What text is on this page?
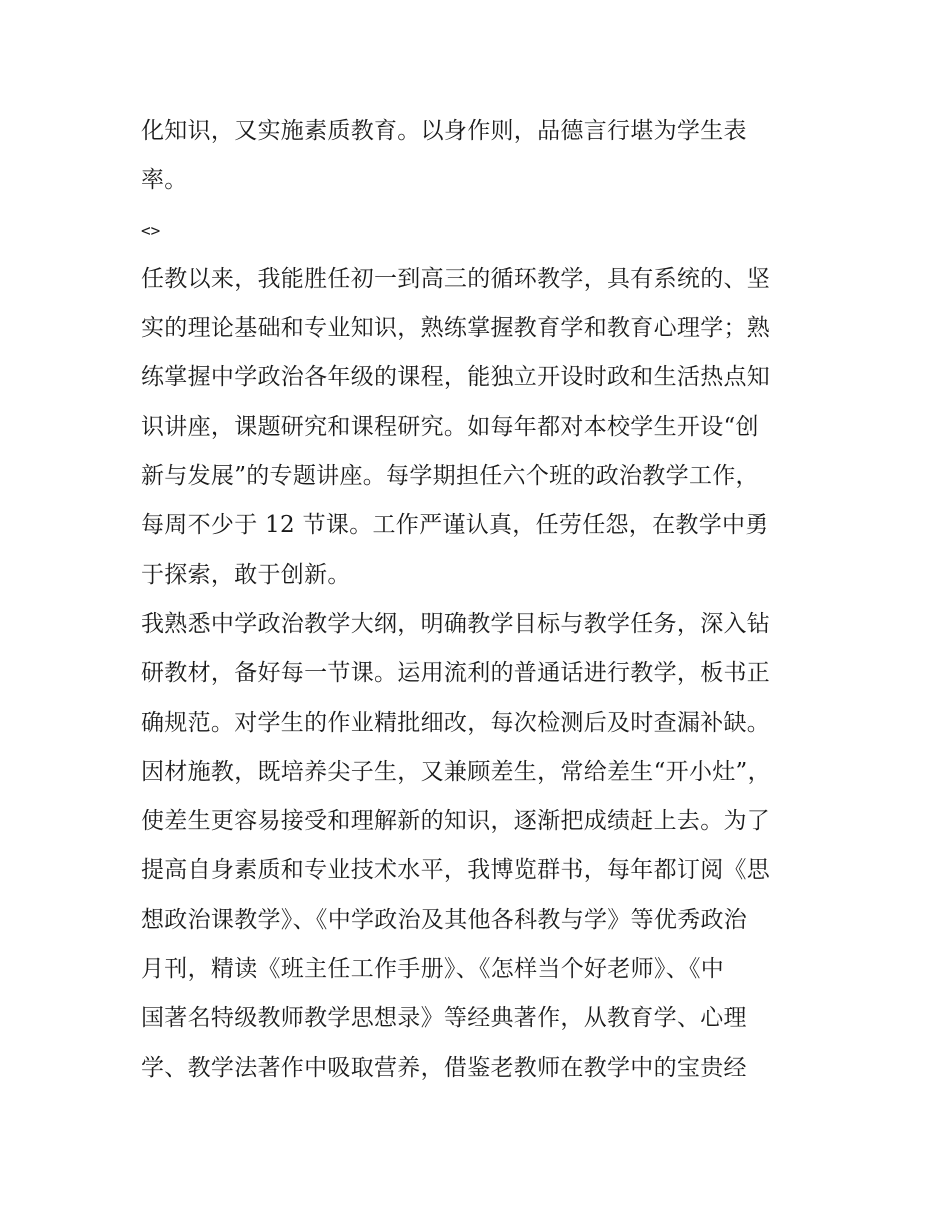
化知识，又实施素质教育。以身作则，品德言行堪为学生表
率。
<>
任教以来，我能胜任初一到高三的循环教学，具有系统的、坚
实的理论基础和专业知识，熟练掌握教育学和教育心理学；熟
练掌握中学政治各年级的课程，能独立开设时政和生活热点知
识讲座，课题研究和课程研究。如每年都对本校学生开设“创
新与发展”的专题讲座。每学期担任六个班的政治教学工作，
每周不少于 12 节课。工作严谨认真，任劳任怨，在教学中勇
于探索，敢于创新。
我熟悉中学政治教学大纲，明确教学目标与教学任务，深入钻
研教材，备好每一节课。运用流利的普通话进行教学，板书正
确规范。对学生的作业精批细改，每次检测后及时查漏补缺。
因材施教，既培养尖子生，又兼顾差生，常给差生“开小灶”，
使差生更容易接受和理解新的知识，逐渐把成绩赶上去。为了
提高自身素质和专业技术水平，我博览群书，每年都订阅《思
想政治课教学》、《中学政治及其他各科教与学》等优秀政治
月刊，精读《班主任工作手册》、《怎样当个好老师》、《中
国著名特级教师教学思想录》等经典著作，从教育学、心理
学、教学法著作中吸取营养，借鉴老教师在教学中的宝贵经
